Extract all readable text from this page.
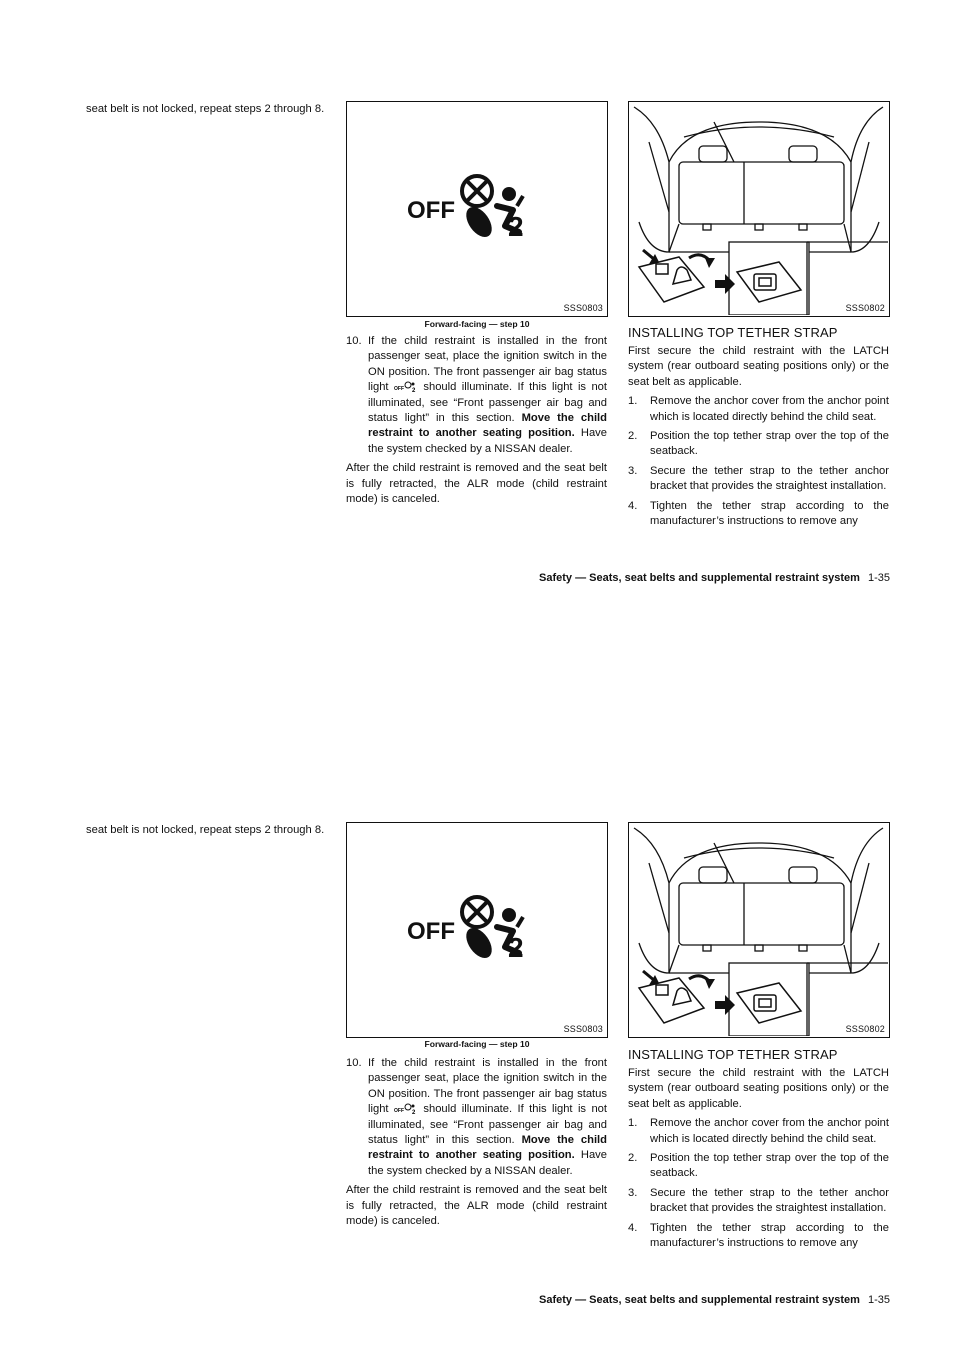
seat belt is not locked, repeat steps 2 through 8.
OFF
2
SSS0803
Forward-facing — step 10
10. If the child restraint is installed in the front passenger seat, place the ignition switch in the ON position. The front passenger air bag status light OFF 2 should illuminate. If this light is not illuminated, see “Front passenger air bag and status light” in this section. Move the child restraint to another seating position. Have the system checked by a NISSAN dealer.

After the child restraint is removed and the seat belt is fully retracted, the ALR mode (child restraint mode) is canceled.

SSS0802
INSTALLING TOP TETHER STRAP

First secure the child restraint with the LATCH system (rear outboard seating positions only) or the seat belt as applicable.

1. Remove the anchor cover from the anchor point which is located directly behind the child seat.
2. Position the top tether strap over the top of the seatback.
3. Secure the tether strap to the tether anchor bracket that provides the straightest installation.
4. Tighten the tether strap according to the manufacturer’s instructions to remove any
Safety — Seats, seat belts and supplemental restraint system 1-35
seat belt is not locked, repeat steps 2 through 8.
OFF
2
SSS0803
Forward-facing — step 10
10. If the child restraint is installed in the front passenger seat, place the ignition switch in the ON position. The front passenger air bag status light OFF 2 should illuminate. If this light is not illuminated, see “Front passenger air bag and status light” in this section. Move the child restraint to another seating position. Have the system checked by a NISSAN dealer.

After the child restraint is removed and the seat belt is fully retracted, the ALR mode (child restraint mode) is canceled.

SSS0802
INSTALLING TOP TETHER STRAP

First secure the child restraint with the LATCH system (rear outboard seating positions only) or the seat belt as applicable.

1. Remove the anchor cover from the anchor point which is located directly behind the child seat.
2. Position the top tether strap over the top of the seatback.
3. Secure the tether strap to the tether anchor bracket that provides the straightest installation.
4. Tighten the tether strap according to the manufacturer’s instructions to remove any
Safety — Seats, seat belts and supplemental restraint system 1-35
